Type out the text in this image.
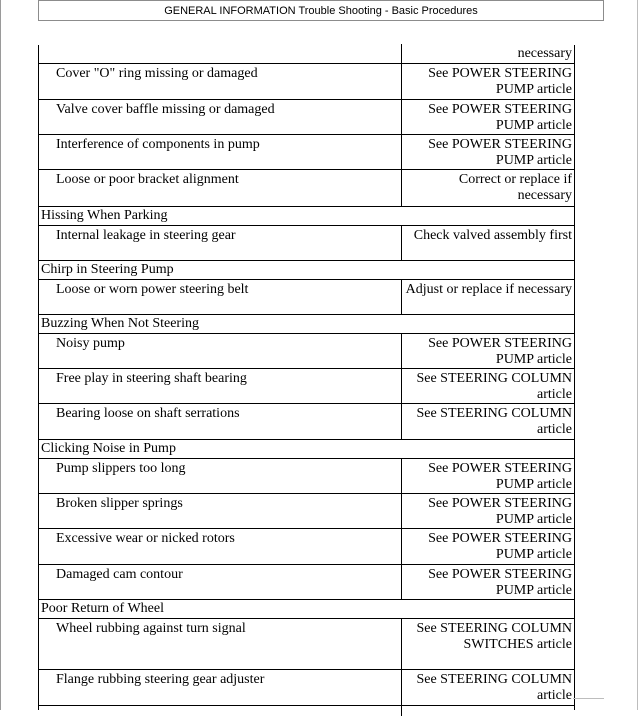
GENERAL INFORMATION Trouble Shooting - Basic Procedures
necessary
Cover "O" ring missing or damaged	See POWER STEERING PUMP article
Valve cover baffle missing or damaged	See POWER STEERING PUMP article
Interference of components in pump	See POWER STEERING PUMP article
Loose or poor bracket alignment	Correct or replace if necessary
Hissing When Parking
Internal leakage in steering gear	Check valved assembly first
Chirp in Steering Pump
Loose or worn power steering belt	Adjust or replace if necessary
Buzzing When Not Steering
Noisy pump	See POWER STEERING PUMP article
Free play in steering shaft bearing	See STEERING COLUMN article
Bearing loose on shaft serrations	See STEERING COLUMN article
Clicking Noise in Pump
Pump slippers too long	See POWER STEERING PUMP article
Broken slipper springs	See POWER STEERING PUMP article
Excessive wear or nicked rotors	See POWER STEERING PUMP article
Damaged cam contour	See POWER STEERING PUMP article
Poor Return of Wheel
Wheel rubbing against turn signal	See STEERING COLUMN SWITCHES article
Flange rubbing steering gear adjuster	See STEERING COLUMN article
